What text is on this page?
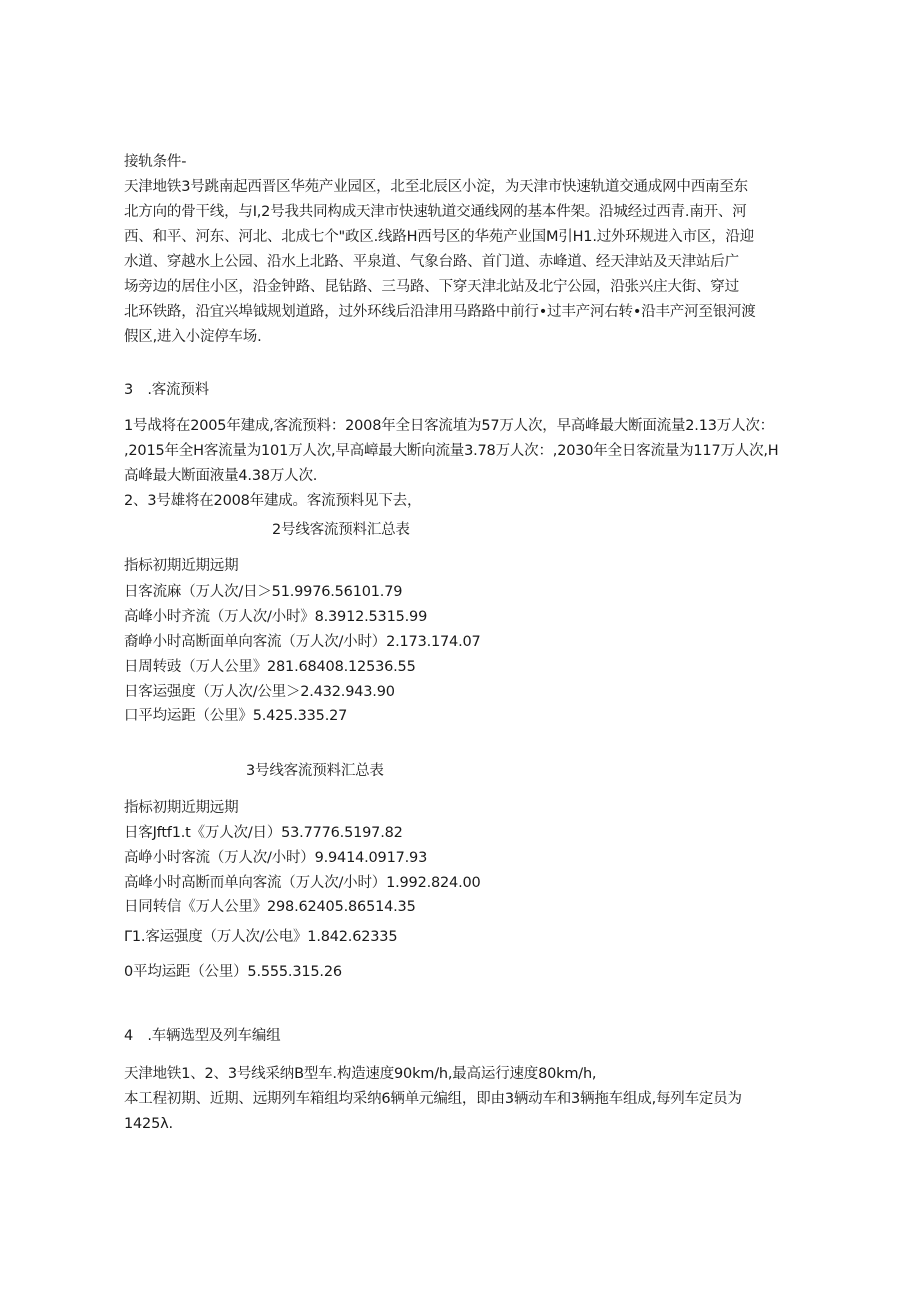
接轨条件-
天津地铁3号跳南起西晋区华苑产业园区，北至北辰区小淀，为天津市快速轨道交通成网中西南至东
北方向的骨干线，与I,2号我共同构成天津市快速轨道交通线网的基本件架。沿城经过西青.南开、河
西、和平、河东、河北、北成七个"政区.线路H西号区的华苑产业国M引H1.过外环规进入市区，沿迎
水道、穿越水上公园、沿水上北路、平泉道、气象台路、首门道、赤峰道、经天津站及天津站后广
场旁边的居住小区，沿金钟路、昆钻路、三马路、下穿天津北站及北宁公园，沿张兴庄大街、穿过
北环铁路，沿宜兴埠钺规划道路，过外环线后沿津用马路路中前行•过丰产河右转•沿丰产河至银河渡
假区,进入小淀停车场.
3　.客流预料
1号战将在2005年建成,客流预料：2008年全日客流埴为57万人次，早高峰最大断面流量2.13万人次：
,2015年全H客流量为101万人次,早高嶂最大断向流量3.78万人次：,2030年全日客流量为117万人次,H
高峰最大断面液量4.38万人次.
2、3号雄将在2008年建成。客流预料见下去，
2号线客流预料汇总表
指标初期近期远期
日客流麻（万人次/日＞51.9976.56101.79
高峰小时齐流（万人次/小时》8.3912.5315.99
裔峥小时高断面单向客流（万人次/小时）2.173.174.07
日周转豉（万人公里》281.68408.12536.55
日客运强度（万人次/公里＞2.432.943.90
口平均运距（公里》5.425.335.27
3号线客流预料汇总表
指标初期近期远期
日客Jftf1.t《万人次/日）53.7776.5197.82
高峥小时客流（万人次/小时）9.9414.0917.93
高峰小时高断而单向客流（万人次/小时）1.992.824.00
日同转信《万人公里》298.62405.86514.35
Γ1.客运强度（万人次/公电》1.842.62335
0平均运距（公里）5.555.315.26
4　.车辆选型及列车编组
天津地铁1、2、3号线采纳B型车.构造速度90km∕h,最高运行速度80km/h,
本工程初期、近期、远期列车箱组均采纳6辆单元编组，即由3辆动车和3辆拖车组成,每列车定员为
1425λ.
